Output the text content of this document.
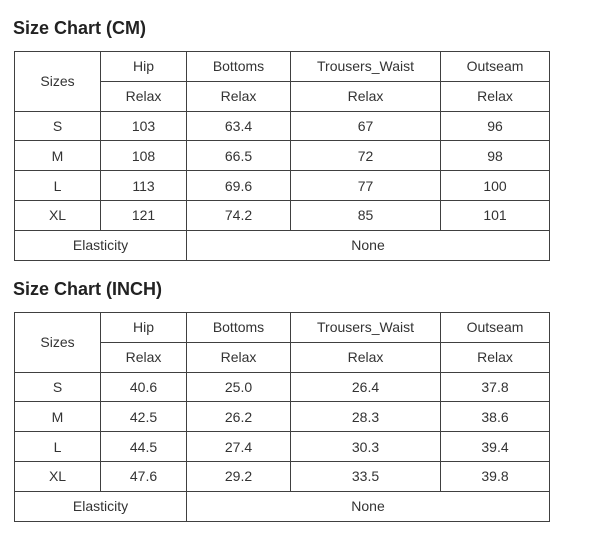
Size Chart (CM)
Sizes	Hip	Bottoms	Trousers_Waist	Outseam
	Relax	Relax	Relax	Relax
S	103	63.4	67	96
M	108	66.5	72	98
L	113	69.6	77	100
XL	121	74.2	85	101
Elasticity		None		
Size Chart (INCH)
Sizes	Hip	Bottoms	Trousers_Waist	Outseam
	Relax	Relax	Relax	Relax
S	40.6	25.0	26.4	37.8
M	42.5	26.2	28.3	38.6
L	44.5	27.4	30.3	39.4
XL	47.6	29.2	33.5	39.8
Elasticity		None		
